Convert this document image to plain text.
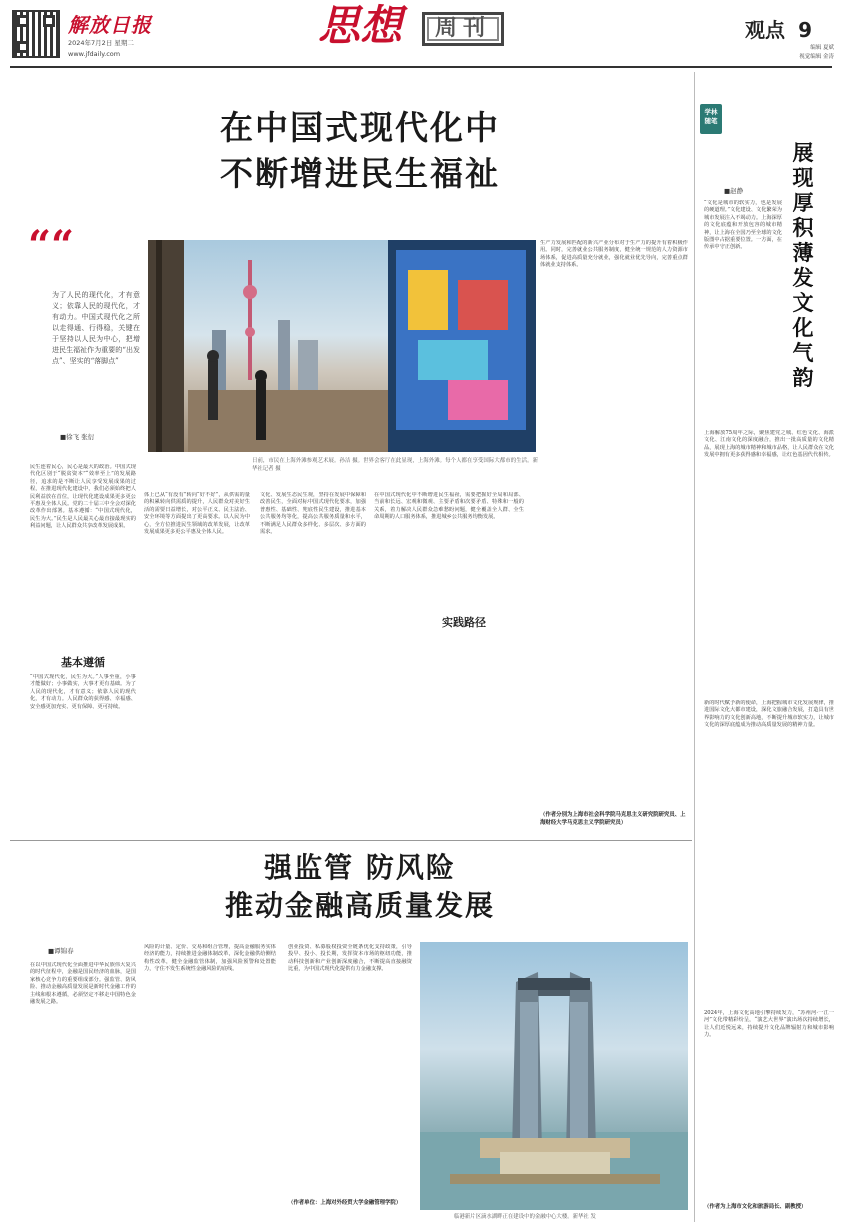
解放日报
2024年7月2日 星期二
www.jfdaily.com
思想	周刊	观点 9
编辑 夏斌
视觉编辑 金涛
在中国式现代化中
不断增进民生福祉
““
为了人民的现代化，才有意义；依靠人民的现代化，才有动力。中国式现代化之所以走得通、行得稳，关键在于坚持以人民为中心，把增进民生福祉作为重要的“出发点”、坚实的“落脚点”
■徐飞 张衍
日前，市民在上海外滩参观艺术展。孙洁 摄。世界会客厅在此显现，上海外滩。每个人都在享受国际大都市的生活。新华社记者 摄
生产力发展和匹配的新兴产业分布对于生产力的提升有着积极作用。同时，完善就业公共服务制度，健全统一规范的人力资源市场体系，促进高质量充分就业，强化就业优先导向，完善重点群体就业支持体系。
民生连着民心，民心是最大的政治。中国式现代化区别于“脱贫资本”“效率至上”的发展路径，追求的是不断让人民享受发展成果的过程，在推进现代化建设中，我们必须始终把人民利益放在首位，让现代化建设成果更多更公平惠及全体人民。党的二十届三中全会对深化改革作出部署。基本遵循：“中国式现代化，民生为大。”民生是人民最关心最直接最现实的利益问题，让人民群众共享改革发展成果。
基本遵循
“中国式现代化，民生为大。”人事至重，小事才能做好；小事做实，大事才更有基础。为了人民的现代化，才有意义；依靠人民的现代化，才有动力。人民群众的获得感、幸福感、安全感更加充实、更有保障、更可持续。
体上已从“有没有”转向“好不好”，从供需的量的积累转向供需质的提升，人民群众对美好生活的需要日益增长，对公平正义、民主法治、安全环境等方面提出了更高要求。以人民为中心，全方位推进民生领域的改革发展，让改革发展成果更多更公平惠及全体人民。
文化、发展生态民生观，坚持在发展中保障和改善民生，全面对标中国式现代化要求，加强普惠性、基础性、兜底性民生建设，推进基本公共服务均等化，提高公共服务质量和水平，不断满足人民群众多样化、多层次、多方面的需求。
在中国式现代化中不断增进民生福祉，需要把握好全局和局部、当前和长远、宏观和微观、主要矛盾和次要矛盾、特殊和一般的关系，着力解决人民群众急难愁盼问题，健全覆盖全人群、全生命周期的人口服务体系，推进城乡公共服务均衡发展。
实践路径
（作者分别为上海市社会科学院马克思主义研究院研究员、上海财经大学马克思主义学院研究员）
强监管 防风险
推动金融高质量发展
■谭锦春
在以中国式现代化全面推进中华民族伟大复兴的时代征程中，金融是国民经济的血脉，是国家核心竞争力的重要组成部分。强监管、防风险、推动金融高质量发展是新时代金融工作的主线和根本遵循，必须坚定不移走中国特色金融发展之路。
风险的计量、定价、交易和组合管理，提高金融服务实体经济的能力，持续推进金融体制改革，深化金融供给侧结构性改革，健全金融监管体制，加强风险预警和处置能力，守住不发生系统性金融风险的底线。
创业投资、私募股权投资全链条优化支持政策，引导投早、投小、投长期，发挥资本市场的枢纽功能，推动科技创新和产业创新深度融合，不断提高直接融资比重，为中国式现代化提供有力金融支撑。
（作者单位：上海对外经贸大学金融管理学院）
临港新片区滴水湖畔正在建设中的金融中心大楼。新华社 发
学林
随笔
展现厚积薄发文化气韵
■赵静
“文化是城市的软实力，也是发展的硬道理。”文化建设、文化繁荣为城市发展注入不竭动力。上海深厚的文化底蕴和开放包容的城市精神，让上海在全国乃至全球的文化版图中占据重要位置。一方面，在传承中守正创新。
上海解放75周年之际，聚焦建党之城、红色文化、海派文化、江南文化的深度融合，推出一批高质量的文化精品，展现上海的城市精神和城市品格，让人民群众在文化发展中拥有更多获得感和幸福感，让红色基因代代相传。
新的时代赋予新的使命，上海把握城市文化发展规律，推进国际文化大都市建设，深化文旅融合发展，打造具有世界影响力的文化创新高地，不断提升城市软实力，让城市文化的深厚底蕴成为推动高质量发展的精神力量。
2024年，上海文化高地引擎持续发力，“苏州河·一江一河”文化带精彩纷呈，“演艺大世界”演出场次持续增长，让人们近悦远来，持续提升文化品牌辐射力和城市影响力。
（作者为上海市文化和旅游局长、副教授）
